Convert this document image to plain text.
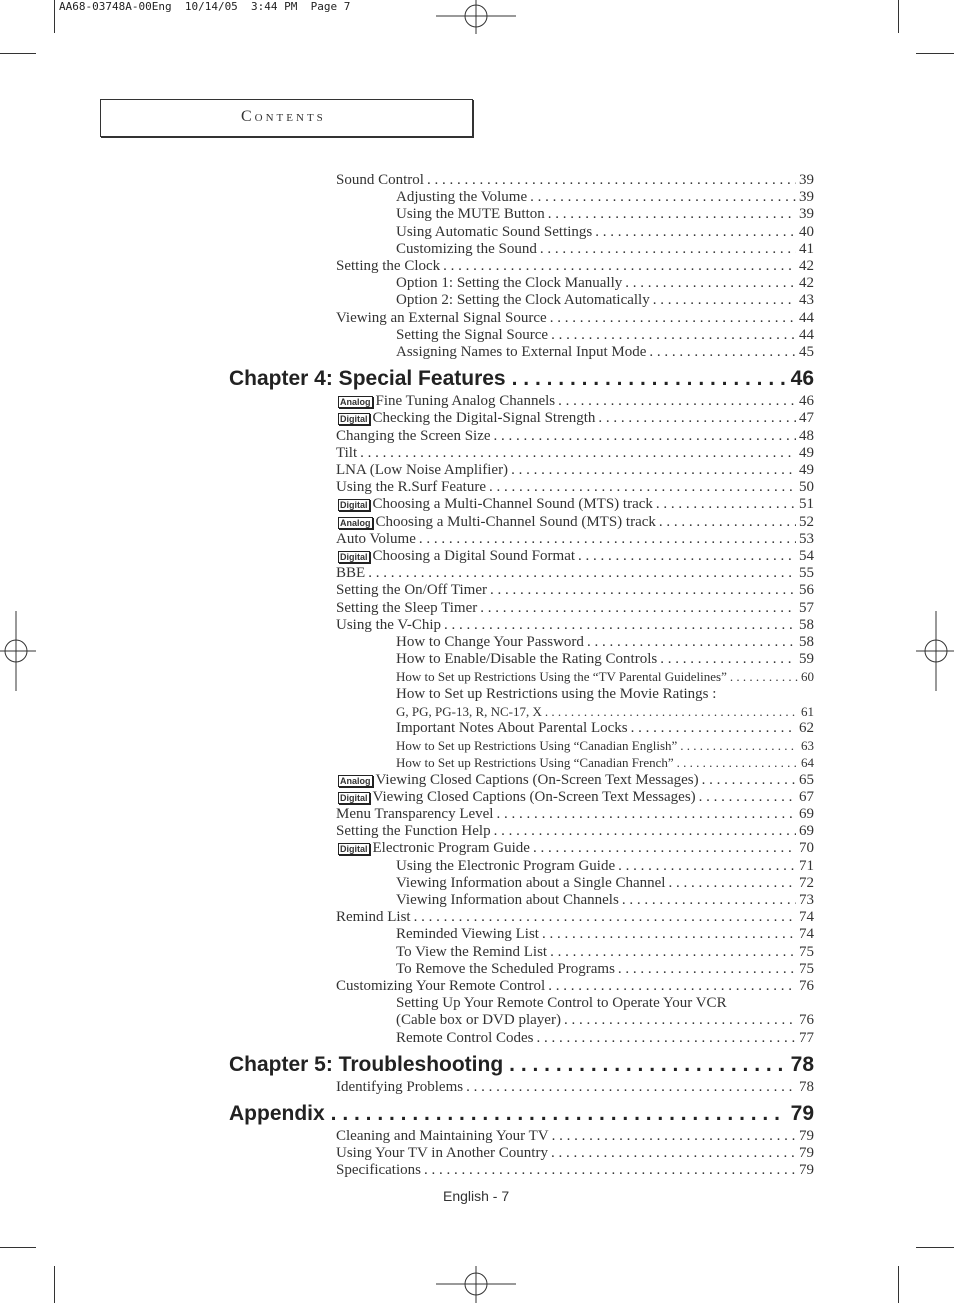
AA68-03748A-00Eng  10/14/05  3:44 PM  Page 7
Contents
Sound Control . . .	39
Adjusting the Volume . . .	39
Using the MUTE Button . . .	39
Using Automatic Sound Settings . . .	40
Customizing the Sound . . .	41
Setting the Clock . . .	42
Option 1: Setting the Clock Manually . . .	42
Option 2: Setting the Clock Automatically . . .	43
Viewing an External Signal Source . . .	44
Setting the Signal Source . . .	44
Assigning Names to External Input Mode . . .	45
Chapter 4: Special Features . . .	46
Analog Fine Tuning Analog Channels . . .	46
Digital Checking the Digital-Signal Strength . . .	47
Changing the Screen Size . . .	48
Tilt . . .	49
LNA (Low Noise Amplifier) . . .	49
Using the R.Surf Feature . . .	50
Digital Choosing a Multi-Channel Sound (MTS) track . . .	51
Analog Choosing a Multi-Channel Sound (MTS) track . . .	52
Auto Volume . . .	53
Digital Choosing a Digital Sound Format . . .	54
BBE . . .	55
Setting the On/Off Timer . . .	56
Setting the Sleep Timer . . .	57
Using the V-Chip . . .	58
How to Change Your Password . . .	58
How to Enable/Disable the Rating Controls . . .	59
How to Set up Restrictions Using the “TV Parental Guidelines” . . .	60
How to Set up Restrictions using the Movie Ratings :
G, PG, PG-13, R, NC-17, X . . .	61
Important Notes About Parental Locks . . .	62
How to Set up Restrictions Using “Canadian English” . . .	63
How to Set up Restrictions Using “Canadian French” . . .	64
Analog Viewing Closed Captions (On-Screen Text Messages) . . .	65
Digital Viewing Closed Captions (On-Screen Text Messages) . . .	67
Menu Transparency Level . . .	69
Setting the Function Help . . .	69
Digital Electronic Program Guide . . .	70
Using the Electronic Program Guide . . .	71
Viewing Information about a Single Channel . . .	72
Viewing Information about Channels . . .	73
Remind List . . .	74
Reminded Viewing List . . .	74
To View the Remind List . . .	75
To Remove the Scheduled Programs . . .	75
Customizing Your Remote Control . . .	76
Setting Up Your Remote Control to Operate Your VCR
(Cable box or DVD player) . . .	76
Remote Control Codes . . .	77
Chapter 5: Troubleshooting . . .	78
Identifying Problems . . .	78
Appendix . . .	79
Cleaning and Maintaining Your TV . . .	79
Using Your TV in Another Country . . .	79
Specifications . . .	79
English - 7
